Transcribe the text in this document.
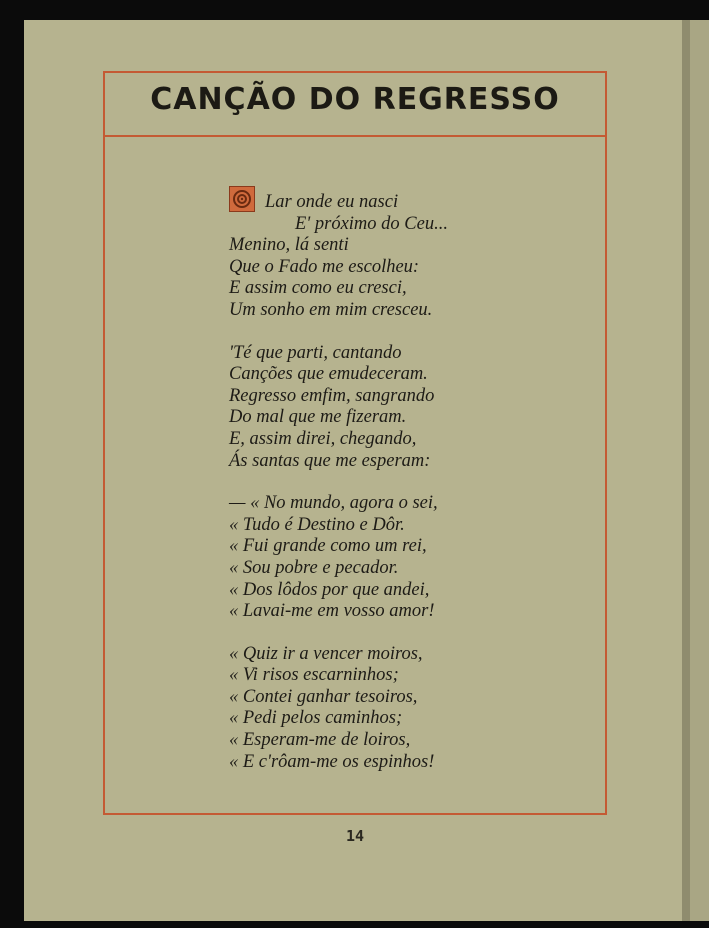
CANÇÃO DO REGRESSO
Lar onde eu nasci
E' próximo do Ceu...
Menino, lá senti
Que o Fado me escolheu:
E assim como eu cresci,
Um sonho em mim cresceu.
'Té que parti, cantando
Canções que emudeceram.
Regresso emfim, sangrando
Do mal que me fizeram.
E, assim direi, chegando,
Ás santas que me esperam:
— « No mundo, agora o sei,
« Tudo é Destino e Dôr.
« Fui grande como um rei,
« Sou pobre e pecador.
« Dos lôdos por que andei,
« Lavai-me em vosso amor!
« Quiz ir a vencer moiros,
« Vi risos escarninhos;
« Contei ganhar tesoiros,
« Pedi pelos caminhos;
« Esperam-me de loiros,
« E c'rôam-me os espinhos!
14
